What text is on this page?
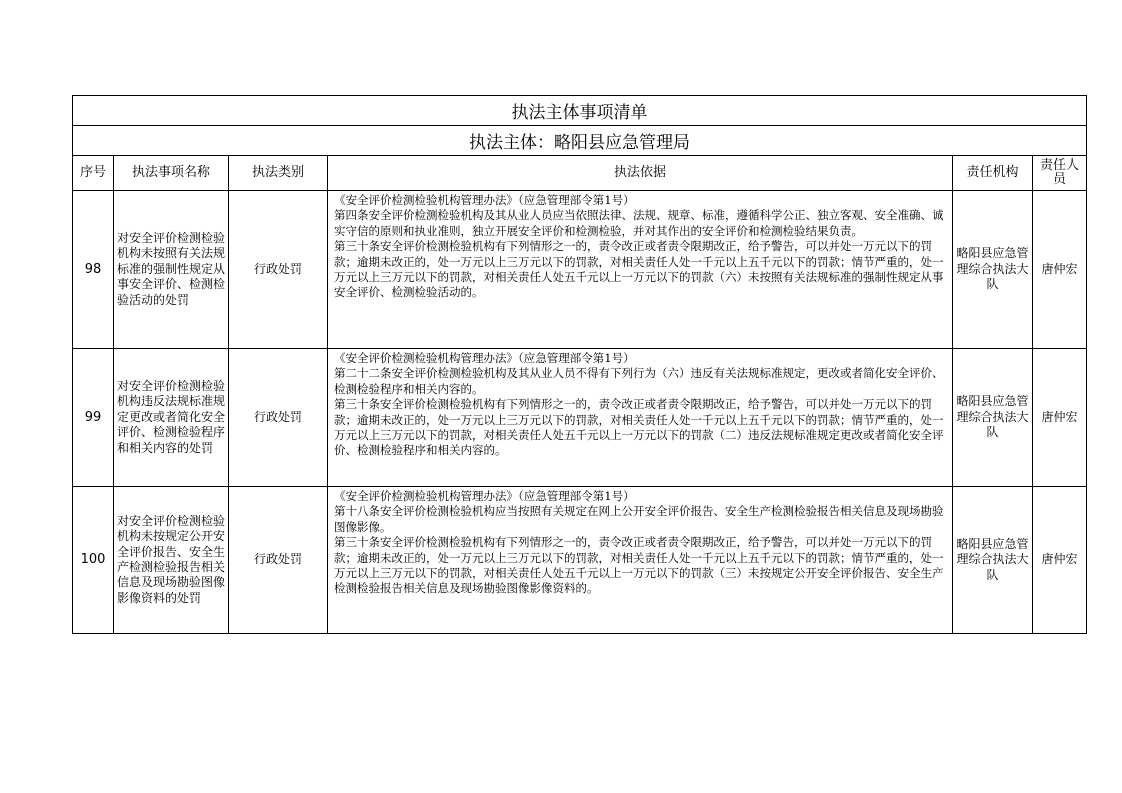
执法主体事项清单					
执法主体：略阳县应急管理局					
序号	执法事项名称	执法类别	执法依据	责任机构	责任人员
98	对安全评价检测检验机构未按照有关法规标准的强制性规定从事安全评价、检测检验活动的处罚	行政处罚	《安全评价检测检验机构管理办法》（应急管理部令第1号）
第四条安全评价检测检验机构及其从业人员应当依照法律、法规、规章、标准，遵循科学公正、独立客观、安全准确、诚实守信的原则和执业准则，独立开展安全评价和检测检验，并对其作出的安全评价和检测检验结果负责。
第三十条安全评价检测检验机构有下列情形之一的，责令改正或者责令限期改正，给予警告，可以并处一万元以下的罚款；逾期未改正的，处一万元以上三万元以下的罚款，对相关责任人处一千元以上五千元以下的罚款；情节严重的，处一万元以上三万元以下的罚款，对相关责任人处五千元以上一万元以下的罚款（六）未按照有关法规标准的强制性规定从事安全评价、检测检验活动的。	略阳县应急管理综合执法大队	唐仲宏
99	对安全评价检测检验机构违反法规标准规定更改或者简化安全评价、检测检验程序和相关内容的处罚	行政处罚	《安全评价检测检验机构管理办法》（应急管理部令第1号）
第二十二条安全评价检测检验机构及其从业人员不得有下列行为（六）违反有关法规标准规定，更改或者简化安全评价、检测检验程序和相关内容的。
第三十条安全评价检测检验机构有下列情形之一的，责令改正或者责令限期改正，给予警告，可以并处一万元以下的罚款；逾期未改正的，处一万元以上三万元以下的罚款，对相关责任人处一千元以上五千元以下的罚款；情节严重的，处一万元以上三万元以下的罚款，对相关责任人处五千元以上一万元以下的罚款（二）违反法规标准规定更改或者简化安全评价、检测检验程序和相关内容的。	略阳县应急管理综合执法大队	唐仲宏
100	对安全评价检测检验机构未按规定公开安全评价报告、安全生产检测检验报告相关信息及现场勘验图像影像资料的处罚	行政处罚	《安全评价检测检验机构管理办法》（应急管理部令第1号）
第十八条安全评价检测检验机构应当按照有关规定在网上公开安全评价报告、安全生产检测检验报告相关信息及现场勘验图像影像。
第三十条安全评价检测检验机构有下列情形之一的，责令改正或者责令限期改正，给予警告，可以并处一万元以下的罚款；逾期未改正的，处一万元以上三万元以下的罚款，对相关责任人处一千元以上五千元以下的罚款；情节严重的，处一万元以上三万元以下的罚款，对相关责任人处五千元以上一万元以下的罚款（三）未按规定公开安全评价报告、安全生产检测检验报告相关信息及现场勘验图像影像资料的。	略阳县应急管理综合执法大队	唐仲宏
